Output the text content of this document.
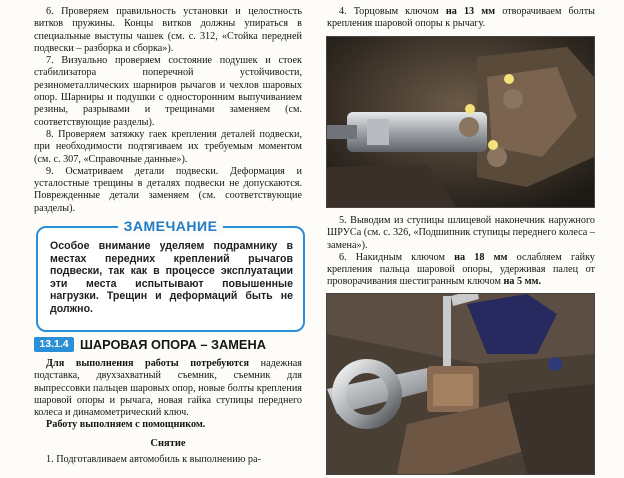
6. Проверяем правильность установки и целостность витков пружины. Концы витков должны упираться в специальные выступы чашек (см. с. 312, «Стойка передней подвески – разборка и сборка»).

7. Визуально проверяем состояние подушек и стоек стабилизатора поперечной устойчивости, резинометаллических шарниров рычагов и чехлов шаровых опор. Шарниры и подушки с односторонним выпучиванием резины, разрывами и трещинами заменяем (см. соответствующие разделы).

8. Проверяем затяжку гаек крепления деталей подвески, при необходимости подтягиваем их требуемым моментом (см. с. 307, «Справочные данные»).

9. Осматриваем детали подвески. Деформация и усталостные трещины в деталях подвески не допускаются. Поврежденные детали заменяем (см. соответствующие разделы).

ЗАМЕЧАНИЕ
Особое внимание уделяем подрамнику в местах передних креплений рычагов подвески, так как в процессе эксплуатации эти места испытывают повышенные нагрузки. Трещин и деформаций быть не должно.
13.1.4 ШАРОВАЯ ОПОРА – ЗАМЕНА

Для выполнения работы потребуются надежная подставка, двухзахватный съемник, съемник для выпрессовки пальцев шаровых опор, новые болты крепления шаровой опоры и рычага, новая гайка ступицы переднего колеса и динамометрический ключ.

Работу выполняем с помощником.

Снятие

1. Подготавливаем автомобиль к выполнению ра-

4. Торцовым ключом на 13 мм отворачиваем болты крепления шаровой опоры к рычагу.

5. Выводим из ступицы шлицевой наконечник наружного ШРУСа (см. с. 326, «Подшипник ступицы переднего колеса – замена»).

6. Накидным ключом на 18 мм ослабляем гайку крепления пальца шаровой опоры, удерживая палец от проворачивания шестигранным ключом на 5 мм.
